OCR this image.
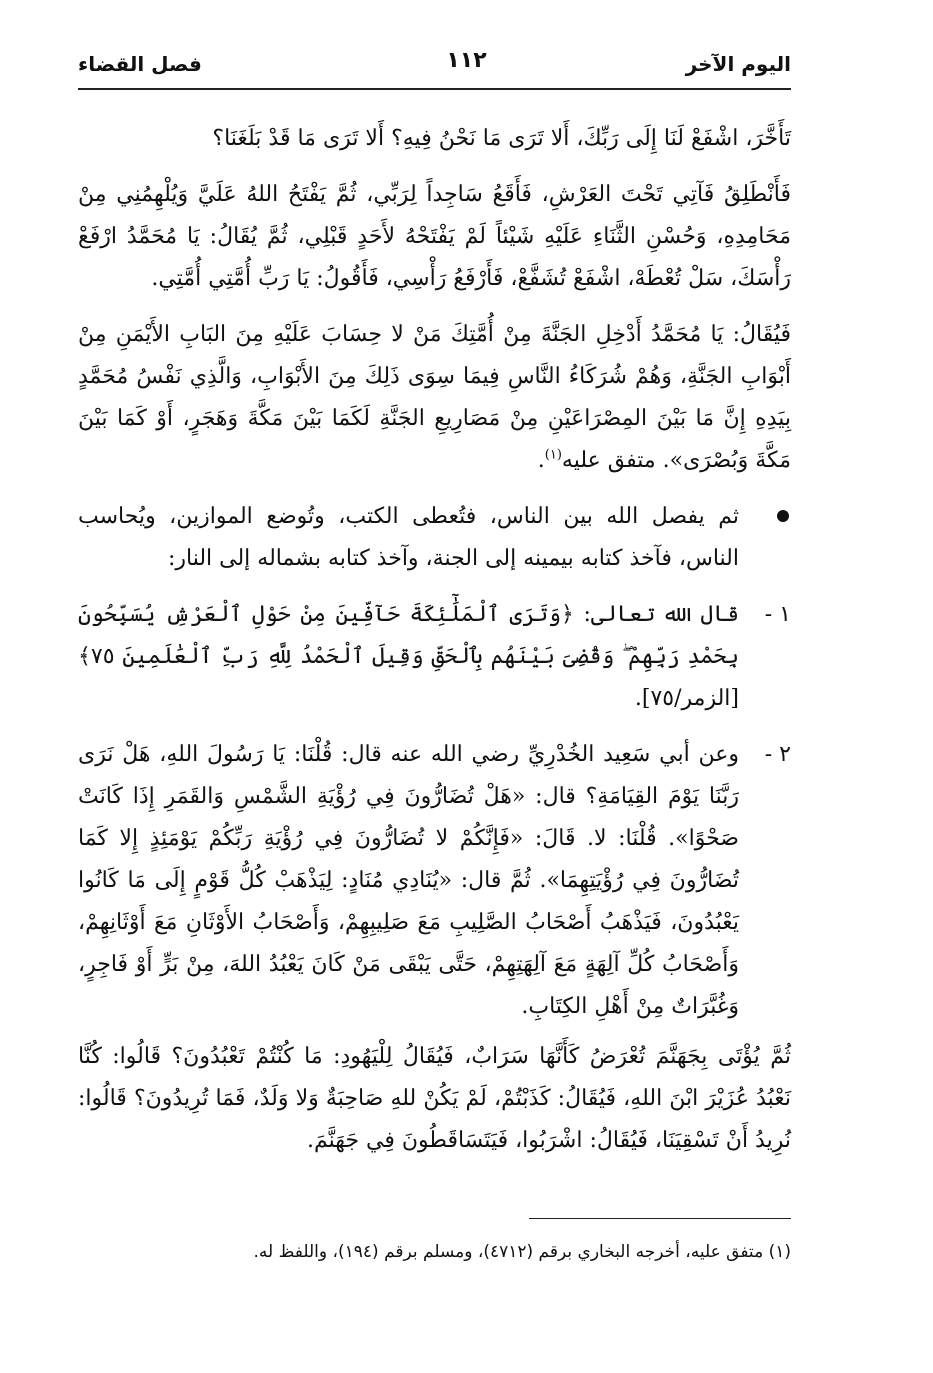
اليوم الآخر
١١٢
فصل القضاء

تَأَخَّرَ، اشْفَعْ لَنَا إِلَى رَبِّكَ، أَلا تَرَى مَا نَحْنُ فِيهِ؟ أَلا تَرَى مَا قَدْ بَلَغَنَا؟

فَأَنْطَلِقُ فَآتِي تَحْتَ العَرْشِ، فَأَقَعُ سَاجِداً لِرَبِّي، ثُمَّ يَفْتَحُ اللهُ عَلَيَّ وَيُلْهِمُنِي مِنْ مَحَامِدِهِ، وَحُسْنِ الثَّنَاءِ عَلَيْهِ شَيْئاً لَمْ يَفْتَحْهُ لأَحَدٍ قَبْلِي، ثُمَّ يُقَالُ: يَا مُحَمَّدُ ارْفَعْ رَأْسَكَ، سَلْ تُعْطَهْ، اشْفَعْ تُشَفَّعْ، فَأَرْفَعُ رَأْسِي، فَأَقُولُ: يَا رَبِّ أُمَّتِي أُمَّتِي.

فَيُقَالُ: يَا مُحَمَّدُ أَدْخِلِ الجَنَّةَ مِنْ أُمَّتِكَ مَنْ لا حِسَابَ عَلَيْهِ مِنَ البَابِ الأَيْمَنِ مِنْ أَبْوَابِ الجَنَّةِ، وَهُمْ شُرَكَاءُ النَّاسِ فِيمَا سِوَى ذَلِكَ مِنَ الأَبْوَابِ، وَالَّذِي نَفْسُ مُحَمَّدٍ بِيَدِهِ إِنَّ مَا بَيْنَ المِصْرَاعَيْنِ مِنْ مَصَارِيعِ الجَنَّةِ لَكَمَا بَيْنَ مَكَّةَ وَهَجَرٍ، أَوْ كَمَا بَيْنَ مَكَّةَ وَبُصْرَى». متفق عليه$^{(١)}$.

ثم يفصل الله بين الناس، فتُعطى الكتب، وتُوضع الموازين، ويُحاسب الناس، فآخذ كتابه بيمينه إلى الجنة، وآخذ كتابه بشماله إلى النار:

١ -

قال الله تعالى: ﴿وَتَرَى ٱلْمَلَٰٓئِكَةَ حَآفِّينَ مِنْ حَوْلِ ٱلْعَرْشِ يُسَبِّحُونَ بِحَمْدِ رَبِّهِمْ ۖ وَقُضِىَ بَيْنَهُم بِٱلْحَقِّ وَقِيلَ ٱلْحَمْدُ لِلَّهِ رَبِّ ٱلْعَٰلَمِينَ ٧٥﴾ [الزمر/٧٥].

٢ -

وعن أبي سَعِيد الخُدْرِيِّ رضي الله عنه قال: قُلْنَا: يَا رَسُولَ اللهِ، هَلْ نَرَى رَبَّنَا يَوْمَ القِيَامَةِ؟ قال: «هَلْ تُضَارُّونَ فِي رُؤْيَةِ الشَّمْسِ وَالقَمَرِ إِذَا كَانَتْ صَحْوًا». قُلْنَا: لا. قَالَ: «فَإِنَّكُمْ لا تُضَارُّونَ فِي رُؤْيَةِ رَبِّكُمْ يَوْمَئِذٍ إِلا كَمَا تُضَارُّونَ فِي رُؤْيَتِهِمَا». ثُمَّ قال: «يُنَادِي مُنَادٍ: لِيَذْهَبْ كُلُّ قَوْمٍ إِلَى مَا كَانُوا يَعْبُدُونَ، فَيَذْهَبُ أَصْحَابُ الصَّلِيبِ مَعَ صَلِيبِهِمْ، وَأَصْحَابُ الأَوْثَانِ مَعَ أَوْثَانِهِمْ، وَأَصْحَابُ كُلِّ آلِهَةٍ مَعَ آلِهَتِهِمْ، حَتَّى يَبْقَى مَنْ كَانَ يَعْبُدُ اللهَ، مِنْ بَرٍّ أَوْ فَاجِرٍ، وَغُبَّرَاتٌ مِنْ أَهْلِ الكِتَابِ.

ثُمَّ يُؤْتَى بِجَهَنَّمَ تُعْرَضُ كَأَنَّهَا سَرَابٌ، فَيُقَالُ لِلْيَهُودِ: مَا كُنْتُمْ تَعْبُدُونَ؟ قَالُوا: كُنَّا نَعْبُدُ عُزَيْرَ ابْنَ اللهِ، فَيُقَالُ: كَذَبْتُمْ، لَمْ يَكُنْ للهِ صَاحِبَةٌ وَلا وَلَدٌ، فَمَا تُرِيدُونَ؟ قَالُوا: نُرِيدُ أَنْ تَسْقِيَنَا، فَيُقَالُ: اشْرَبُوا، فَيَتَسَاقَطُونَ فِي جَهَنَّمَ.

(١) متفق عليه، أخرجه البخاري برقم (٤٧١٢)، ومسلم برقم (١٩٤)، واللفظ له.
